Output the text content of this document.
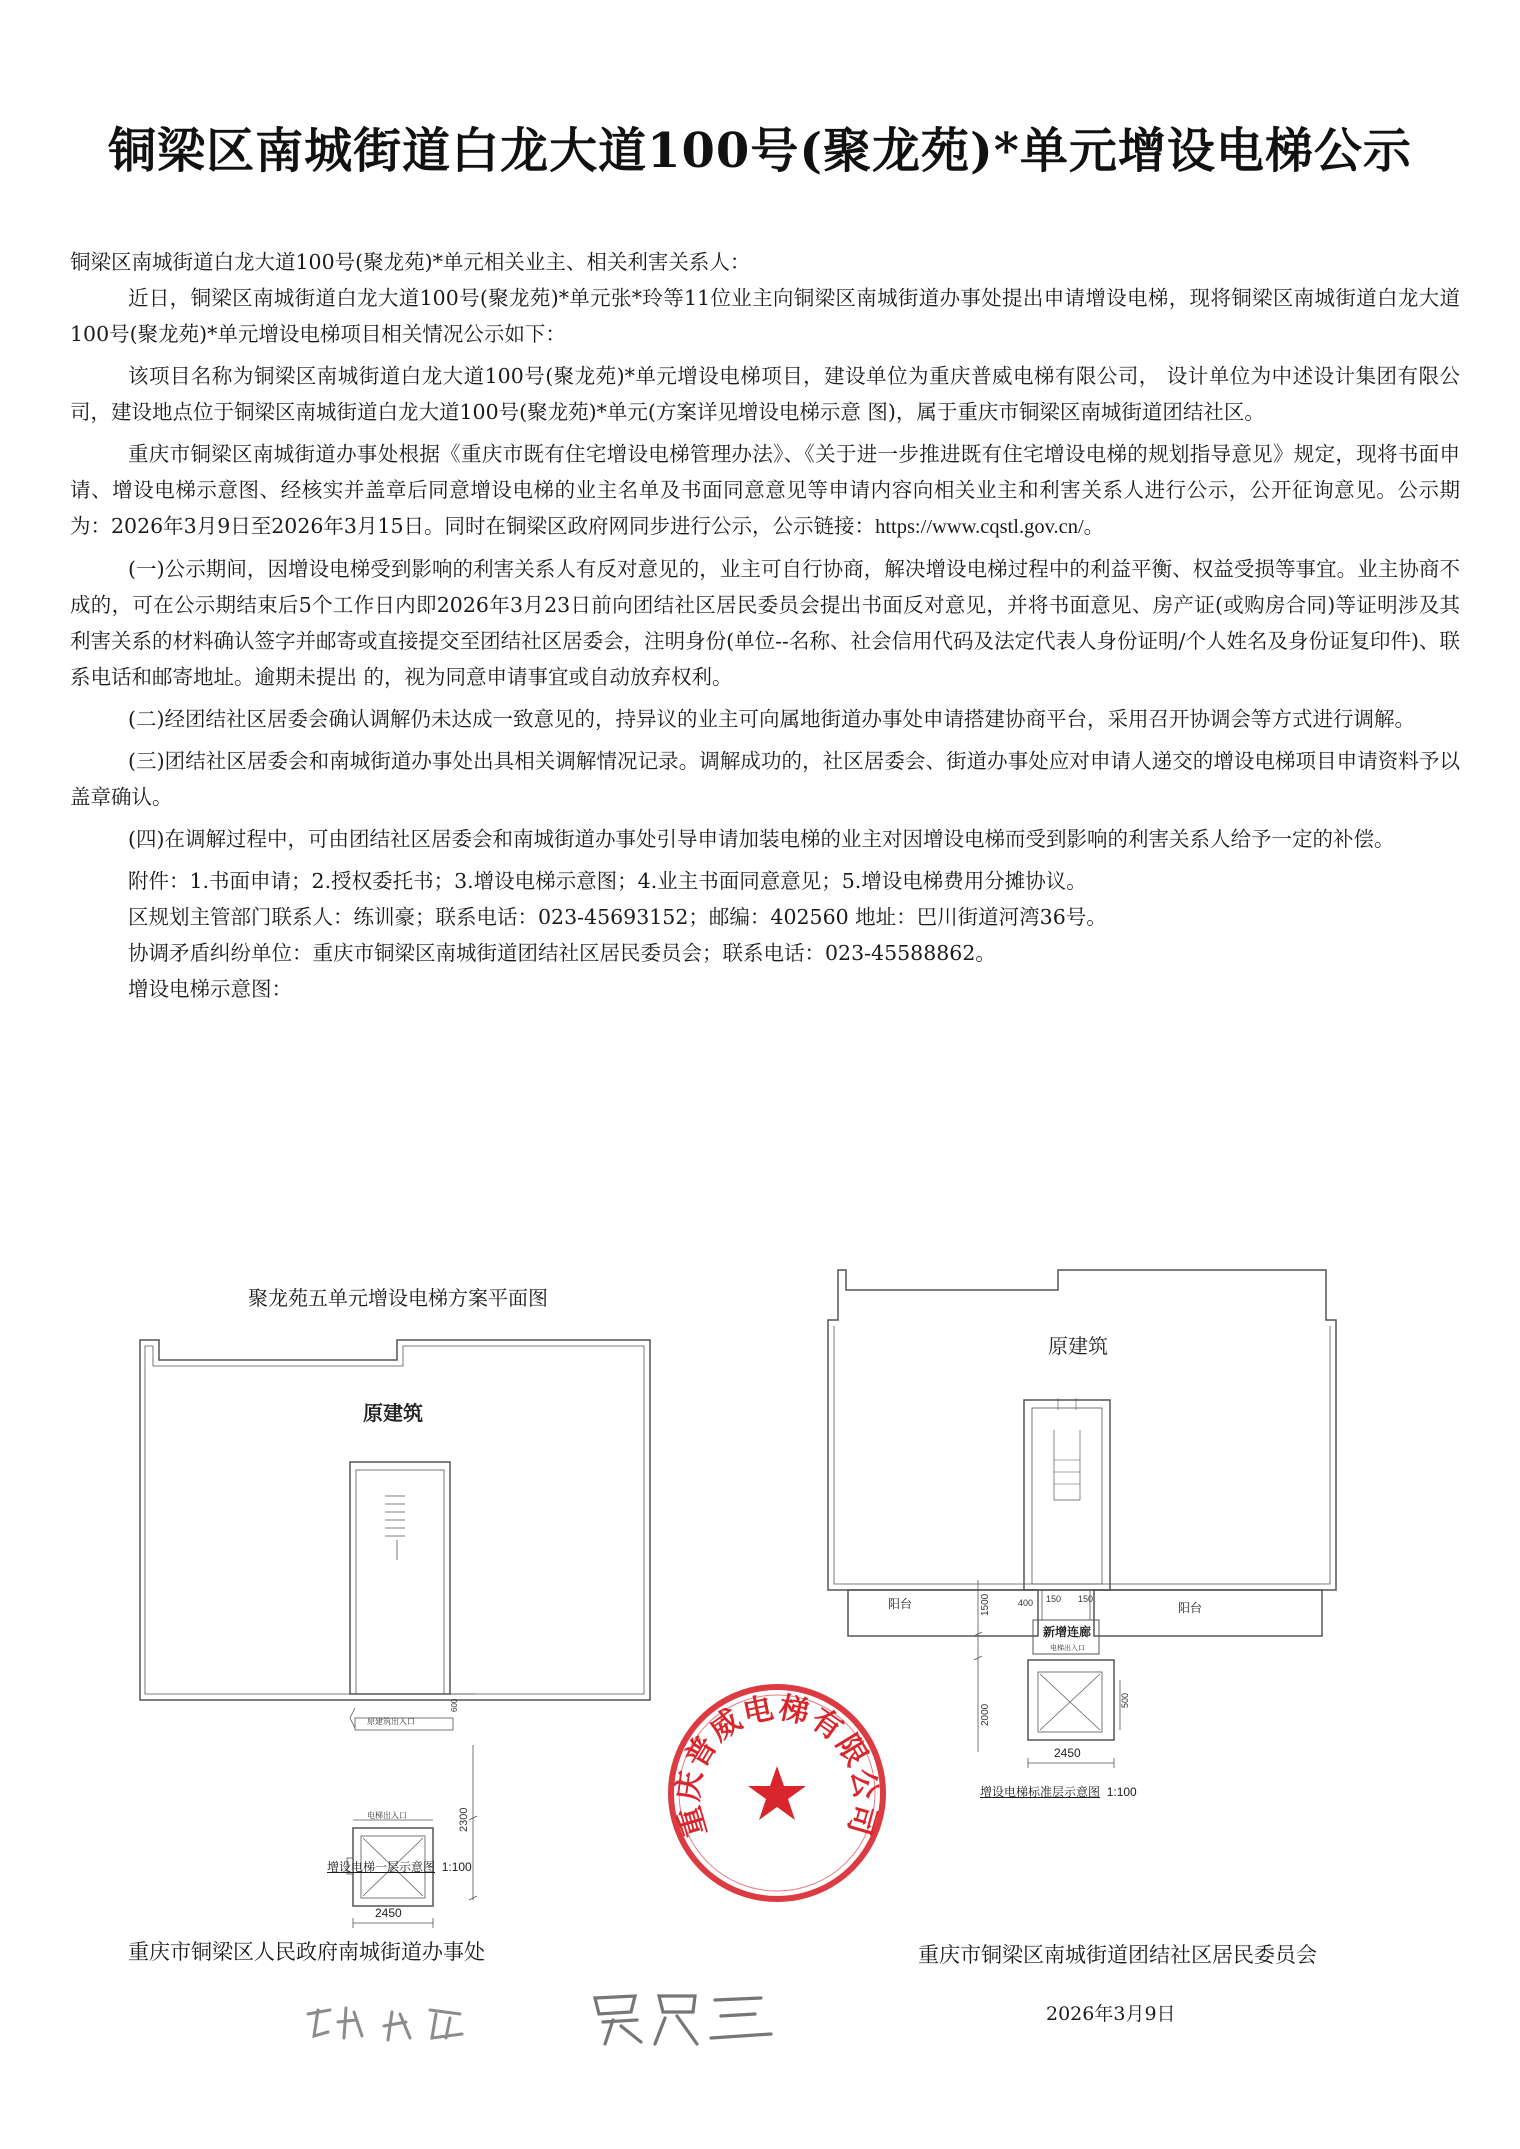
铜梁区南城街道白龙大道100号(聚龙苑)*单元增设电梯公示

铜梁区南城街道白龙大道100号(聚龙苑)*单元相关业主、相关利害关系人：

近日，铜梁区南城街道白龙大道100号(聚龙苑)*单元张*玲等11位业主向铜梁区南城街道办事处提出申请增设电梯，现将铜梁区南城街道白龙大道100号(聚龙苑)*单元增设电梯项目相关情况公示如下：

该项目名称为铜梁区南城街道白龙大道100号(聚龙苑)*单元增设电梯项目，建设单位为重庆普威电梯有限公司， 设计单位为中述设计集团有限公司，建设地点位于铜梁区南城街道白龙大道100号(聚龙苑)*单元(方案详见增设电梯示意 图)，属于重庆市铜梁区南城街道团结社区。

重庆市铜梁区南城街道办事处根据《重庆市既有住宅增设电梯管理办法》、《关于进一步推进既有住宅增设电梯的规划指导意见》规定，现将书面申请、增设电梯示意图、经核实并盖章后同意增设电梯的业主名单及书面同意意见等申请内容向相关业主和利害关系人进行公示，公开征询意见。公示期为：2026年3月9日至2026年3月15日。同时在铜梁区政府网同步进行公示，公示链接：https://www.cqstl.gov.cn/。

(一)公示期间，因增设电梯受到影响的利害关系人有反对意见的，业主可自行协商，解决增设电梯过程中的利益平衡、权益受损等事宜。业主协商不成的，可在公示期结束后5个工作日内即2026年3月23日前向团结社区居民委员会提出书面反对意见，并将书面意见、房产证(或购房合同)等证明涉及其利害关系的材料确认签字并邮寄或直接提交至团结社区居委会，注明身份(单位--名称、社会信用代码及法定代表人身份证明/个人姓名及身份证复印件)、联系电话和邮寄地址。逾期未提出 的，视为同意申请事宜或自动放弃权利。

(二)经团结社区居委会确认调解仍未达成一致意见的，持异议的业主可向属地街道办事处申请搭建协商平台，采用召开协调会等方式进行调解。

(三)团结社区居委会和南城街道办事处出具相关调解情况记录。调解成功的，社区居委会、街道办事处应对申请人递交的增设电梯项目申请资料予以盖章确认。

(四)在调解过程中，可由团结社区居委会和南城街道办事处引导申请加装电梯的业主对因增设电梯而受到影响的利害关系人给予一定的补偿。

附件：1.书面申请；2.授权委托书；3.增设电梯示意图；4.业主书面同意意见；5.增设电梯费用分摊协议。

区规划主管部门联系人：练训豪；联系电话：023-45693152；邮编：402560 地址：巴川街道河湾36号。

协调矛盾纠纷单位：重庆市铜梁区南城街道团结社区居民委员会；联系电话：023-45588862。

增设电梯示意图：

聚龙苑五单元增设电梯方案平面图
原建筑
原建筑出入口
600
电梯出入口	2300
2450
增设电梯一层示意图 1:100
原建筑
阳台	阳台
新增连廊
电梯出入口
400 150 150
1500
2000
500
2450
增设电梯标准层示意图 1:100
重庆普威电梯有限公司
重庆市铜梁区人民政府南城街道办事处	重庆市铜梁区南城街道团结社区居民委员会
2026年3月9日
